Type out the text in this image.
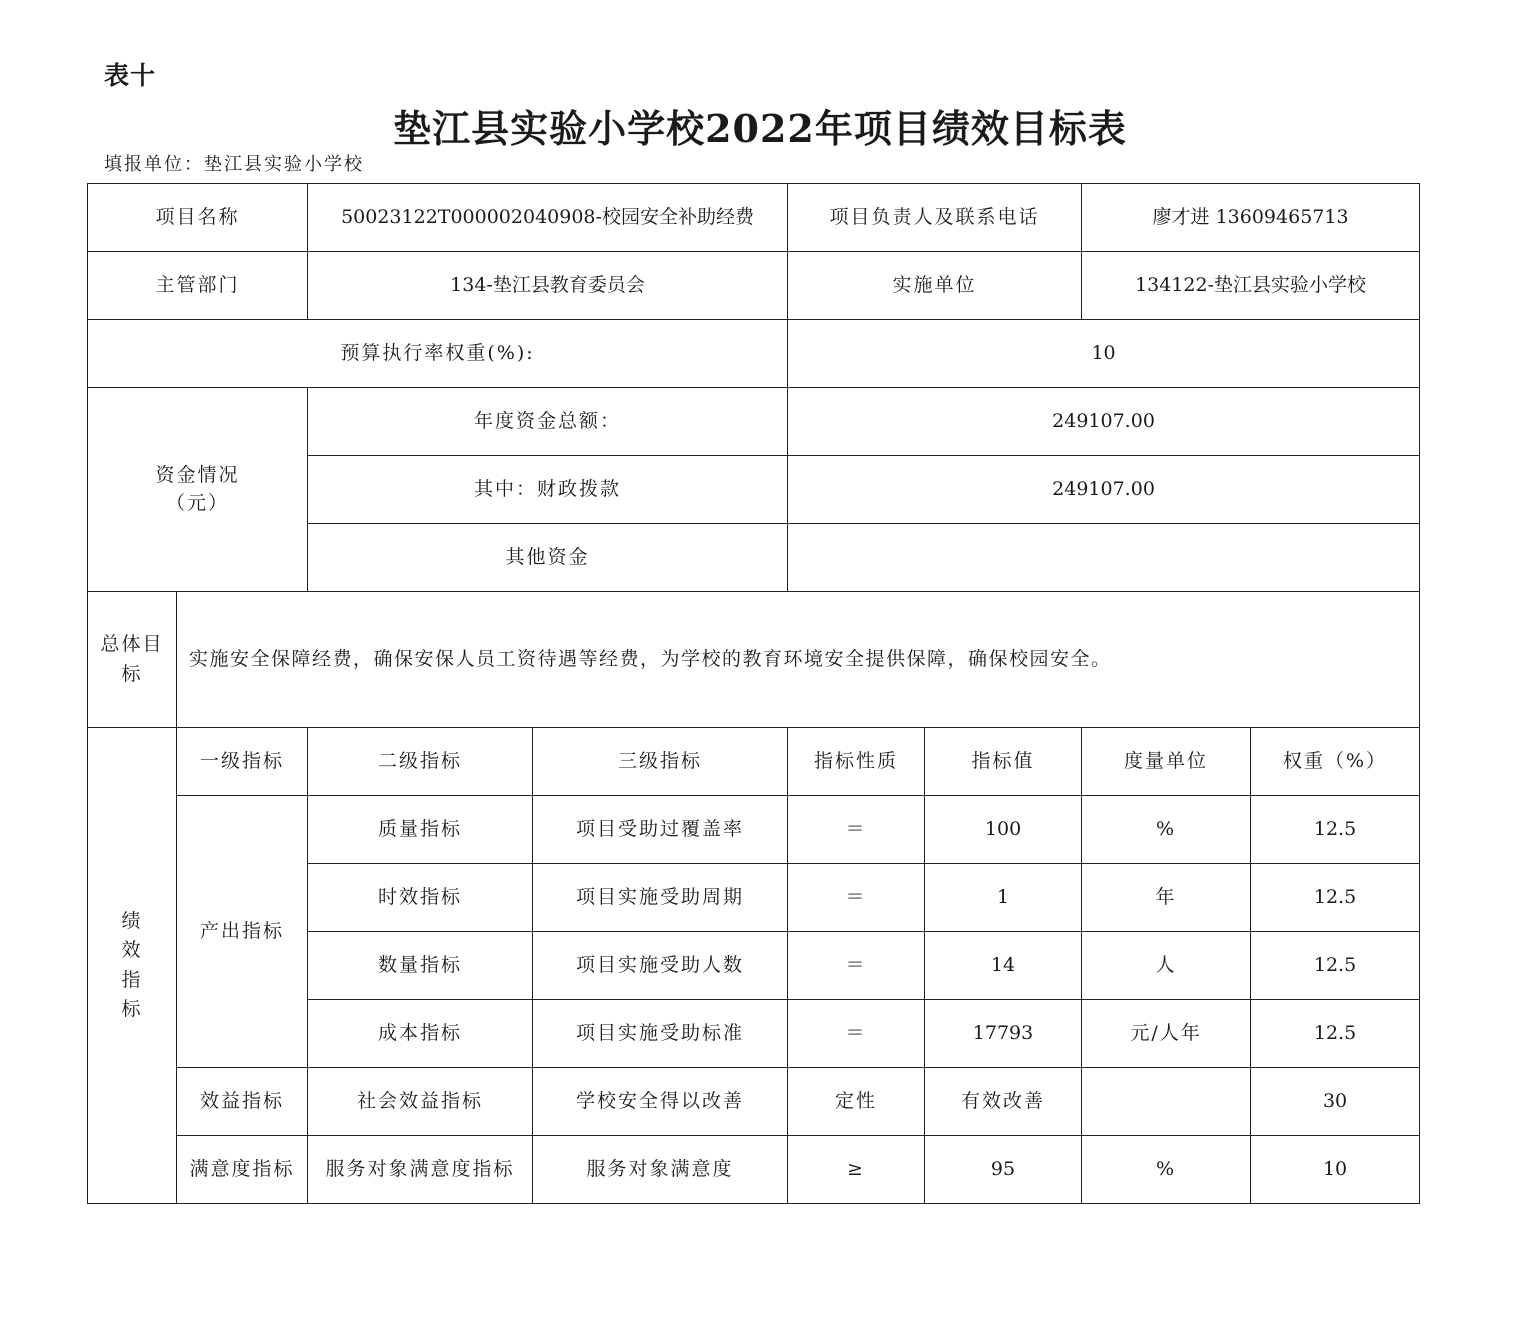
表十
垫江县实验小学校2022年项目绩效目标表
填报单位：垫江县实验小学校
项目名称		50023122T000002040908-校园安全补助经费		项目负责人及联系电话		廖才进 13609465713	
主管部门		134-垫江县教育委员会		实施单位		134122-垫江县实验小学校	
预算执行率权重(%):				10			

资金情况
（元）		年度资金总额：		249107.00			
		其中：财政拨款		249107.00			
		其他资金					

总体目
标	实施安全保障经费，确保安保人员工资待遇等经费，为学校的教育环境安全提供保障，确保校园安全。						

绩
效
指
标	一级指标	二级指标	三级指标	指标性质	指标值	度量单位	权重（%）
	产出指标	质量指标	项目受助过覆盖率	＝	100	%	12.5
		时效指标	项目实施受助周期	＝	1	年	12.5
		数量指标	项目实施受助人数	＝	14	人	12.5
		成本指标	项目实施受助标准	＝	17793	元/人年	12.5
	效益指标	社会效益指标	学校安全得以改善	定性	有效改善		30
	满意度指标	服务对象满意度指标	服务对象满意度	≥	95	%	10
